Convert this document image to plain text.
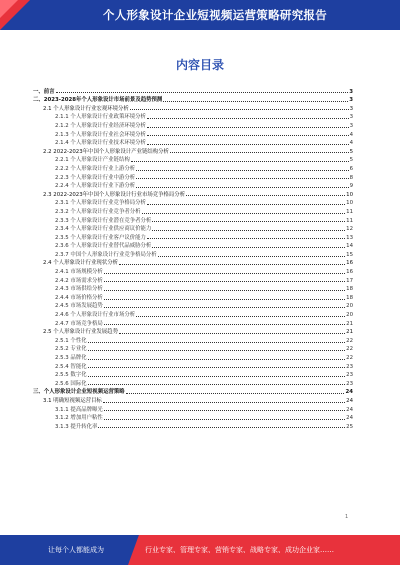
个人形象设计企业短视频运营策略研究报告
内容目录
一、前言	3
二、2023-2028年个人形象设计市场前景及趋势预测	3
2.1 个人形象设计行业宏观环境分析	3
2.1.1 个人形象设计行业政策环境分析	3
2.1.2 个人形象设计行业经济环境分析	3
2.1.3 个人形象设计行业社会环境分析	4
2.1.4 个人形象设计行业技术环境分析	4
2.2 2022-2023年中国个人形象设计产业链结构分析	5
2.2.1 个人形象设计产业链结构	5
2.2.2 个人形象设计行业上游分析	6
2.2.3 个人形象设计行业中游分析	8
2.2.4 个人形象设计行业下游分析	9
2.3 2022-2023年中国个人形象设计行业市场竞争格局分析	10
2.3.1 个人形象设计行业竞争格局分析	10
2.3.2 个人形象设计行业竞争者分析	11
2.3.3 个人形象设计行业潜在竞争者分析	11
2.3.4 个人形象设计行业供应商议价能力	12
2.3.5 个人形象设计行业客户议价能力	13
2.3.6 个人形象设计行业替代品威胁分析	14
2.3.7 中国个人形象设计行业竞争格局分析	15
2.4 个人形象设计行业现状分析	16
2.4.1 市场规模分析	16
2.4.2 市场需求分析	17
2.4.3 市场供给分析	18
2.4.4 市场价格分析	18
2.4.5 市场发展趋势	20
2.4.6 个人形象设计行业市场分析	20
2.4.7 市场竞争格局	21
2.5 个人形象设计行业发展趋势	21
2.5.1 个性化	22
2.5.2 专业化	22
2.5.3 品牌化	22
2.5.4 智能化	23
2.5.5 数字化	23
2.5.6 国际化	23
三、个人形象设计企业短视频运营策略	24
3.1 明确短视频运营目标	24
3.1.1 提高品牌曝光	24
3.1.2 增加用户粘性	24
3.1.3 提升转化率	25
1
让每个人都能成为	行业专家、管理专家、营销专家、战略专家、成功企业家……
